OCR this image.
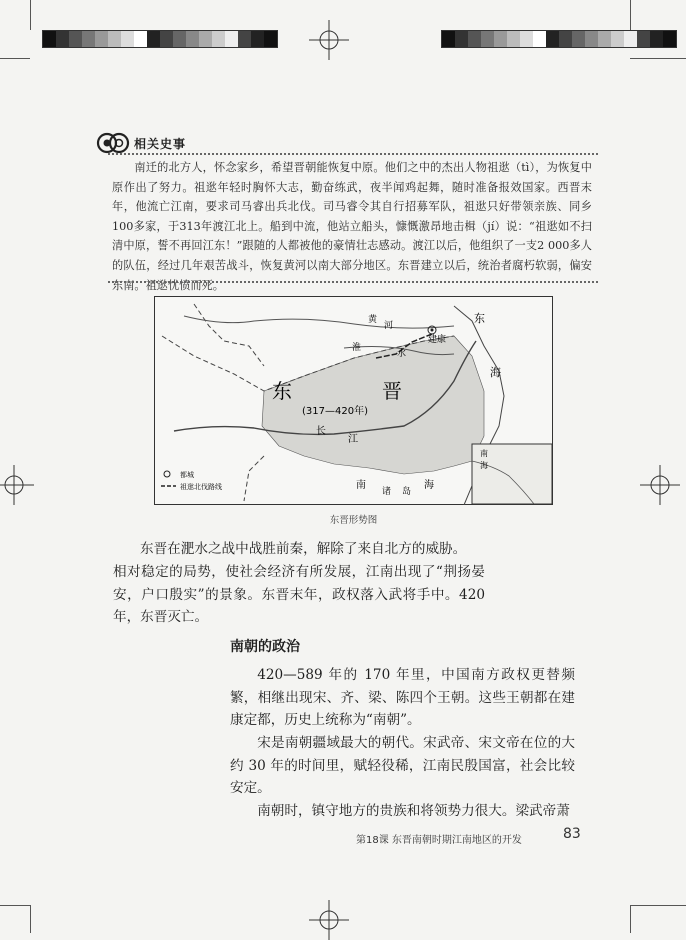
相关史事
南迁的北方人，怀念家乡，希望晋朝能恢复中原。他们之中的杰出人物祖逖（tì），为恢复中原作出了努力。祖逖年轻时胸怀大志，勤奋练武，夜半闻鸡起舞，随时准备报效国家。西晋末年，他流亡江南，要求司马睿出兵北伐。司马睿令其自行招募军队，祖逖只好带领亲族、同乡100多家，于313年渡江北上。船到中流，他站立船头，慷慨激昂地击楫（jí）说：“祖逖如不扫清中原，誓不再回江东！”跟随的人都被他的豪情壮志感动。渡江以后，他组织了一支2 000多人的队伍，经过几年艰苦战斗，恢复黄河以南大部分地区。东晋建立以后，统治者腐朽软弱，偏安东南。祖逖忧愤而死。
建康
黄
河
淮
水
长
江
东
海
南	海
诸 岛
东	晋
(317—420年)
南
海
都城
祖逖北伐路线
东晋形势图
东晋在淝水之战中战胜前秦，解除了来自北方的威胁。
相对稳定的局势，使社会经济有所发展，江南出现了“荆扬晏安，户口殷实”的景象。东晋末年，政权落入武将手中。420 年，东晋灭亡。
南朝的政治
420—589 年的 170 年里，中国南方政权更替频繁，相继出现宋、齐、梁、陈四个王朝。这些王朝都在建康定都，历史上统称为“南朝”。
宋是南朝疆域最大的朝代。宋武帝、宋文帝在位的大约 30 年的时间里，赋轻役稀，江南民殷国富，社会比较安定。
南朝时，镇守地方的贵族和将领势力很大。梁武帝萧
第18课 东晋南朝时期江南地区的开发	83
